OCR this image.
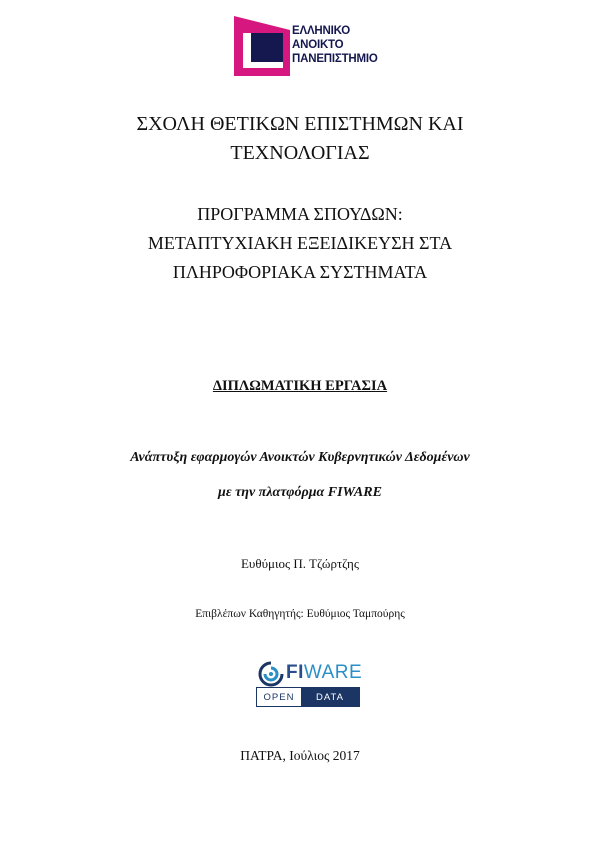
ΕΛΛΗΝΙΚΟ
ΑΝΟΙΚΤΟ
ΠΑΝΕΠΙΣΤΗΜΙΟ
ΣΧΟΛΗ ΘΕΤΙΚΩΝ ΕΠΙΣΤΗΜΩΝ ΚΑΙ
ΤΕΧΝΟΛΟΓΙΑΣ
ΠΡΟΓΡΑΜΜΑ ΣΠΟΥΔΩΝ:
ΜΕΤΑΠΤΥΧΙΑΚΗ ΕΞΕΙΔΙΚΕΥΣΗ ΣΤΑ
ΠΛΗΡΟΦΟΡΙΑΚΑ ΣΥΣΤΗΜΑΤΑ
ΔΙΠΛΩΜΑΤΙΚΗ ΕΡΓΑΣΙΑ
Ανάπτυξη εφαρμογών Ανοικτών Κυβερνητικών Δεδομένων
με την πλατφόρμα FIWARE
Ευθύμιος Π. Τζώρτζης
Επιβλέπων Καθηγητής: Ευθύμιος Ταμπούρης
FIWARE
OPEN	DATA
ΠΑΤΡΑ, Ιούλιος 2017
